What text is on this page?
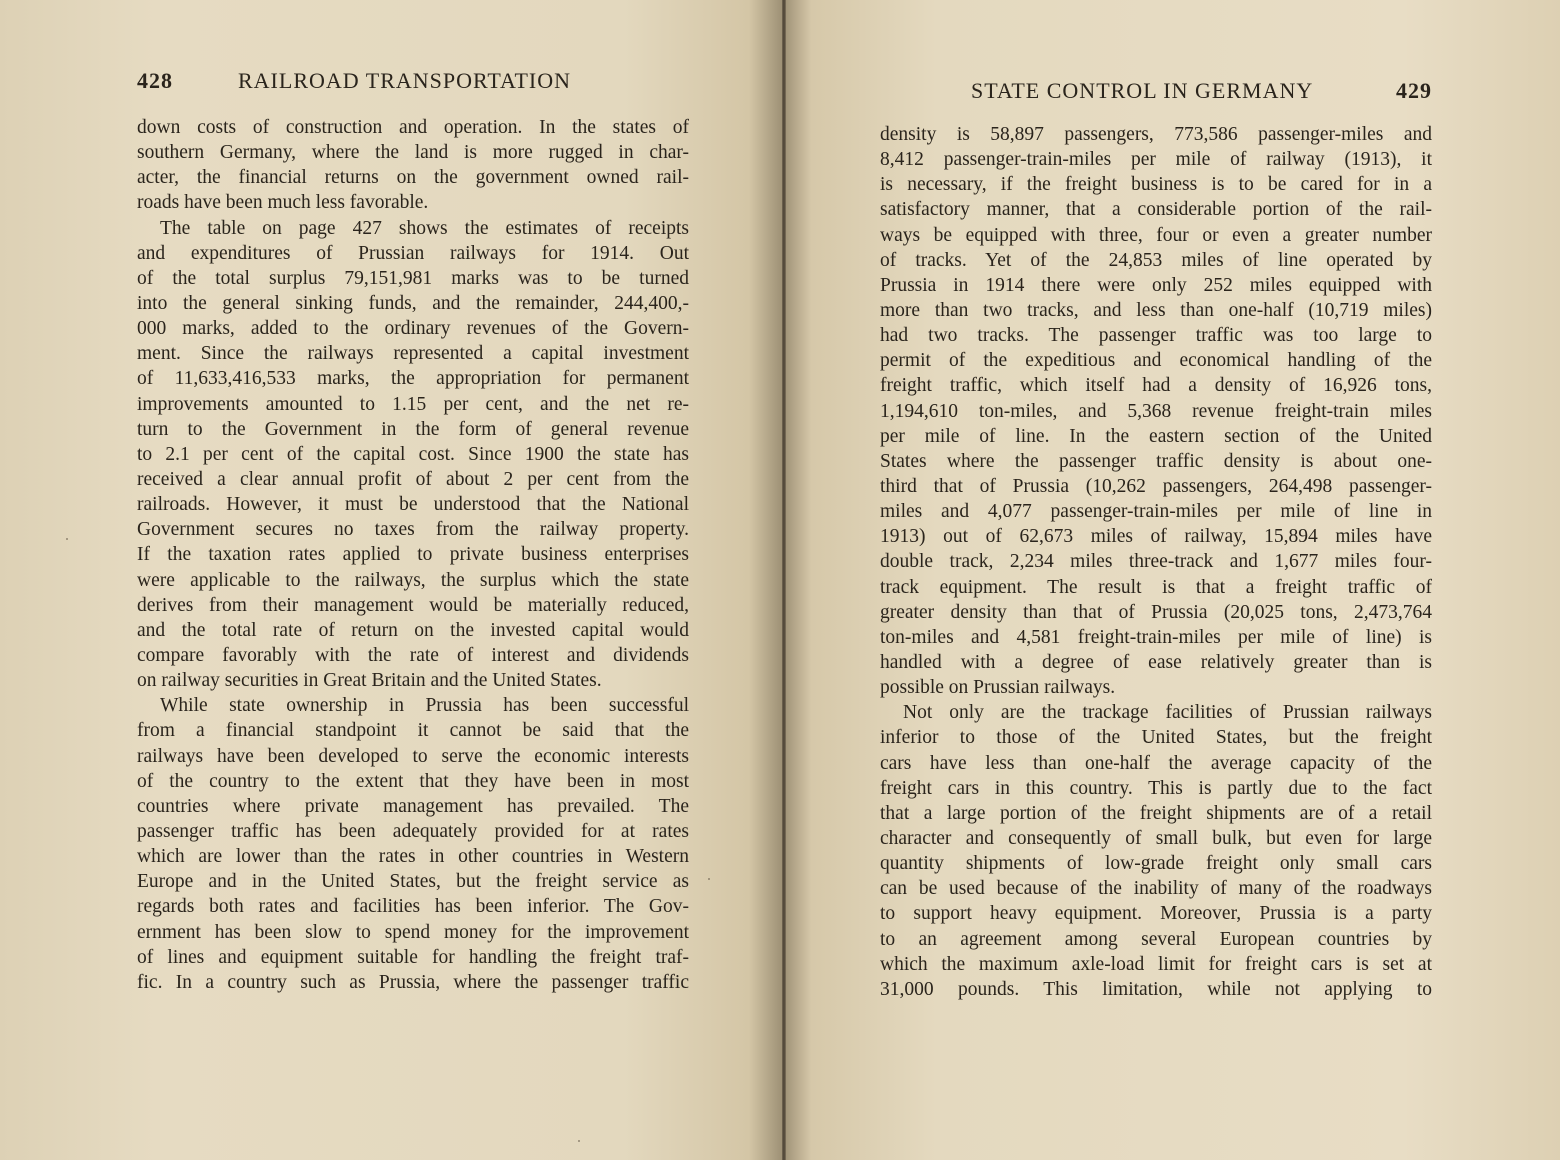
428	RAILROAD TRANSPORTATION
down costs of construction and operation. In the states of
southern Germany, where the land is more rugged in char-
acter, the financial returns on the government owned rail-
roads have been much less favorable.
The table on page 427 shows the estimates of receipts
and expenditures of Prussian railways for 1914. Out
of the total surplus 79,151,981 marks was to be turned
into the general sinking funds, and the remainder, 244,400,-
000 marks, added to the ordinary revenues of the Govern-
ment. Since the railways represented a capital investment
of 11,633,416,533 marks, the appropriation for permanent
improvements amounted to 1.15 per cent, and the net re-
turn to the Government in the form of general revenue
to 2.1 per cent of the capital cost. Since 1900 the state has
received a clear annual profit of about 2 per cent from the
railroads. However, it must be understood that the National
Government secures no taxes from the railway property.
If the taxation rates applied to private business enterprises
were applicable to the railways, the surplus which the state
derives from their management would be materially reduced,
and the total rate of return on the invested capital would
compare favorably with the rate of interest and dividends
on railway securities in Great Britain and the United States.
While state ownership in Prussia has been successful
from a financial standpoint it cannot be said that the
railways have been developed to serve the economic interests
of the country to the extent that they have been in most
countries where private management has prevailed. The
passenger traffic has been adequately provided for at rates
which are lower than the rates in other countries in Western
Europe and in the United States, but the freight service as
regards both rates and facilities has been inferior. The Gov-
ernment has been slow to spend money for the improvement
of lines and equipment suitable for handling the freight traf-
fic. In a country such as Prussia, where the passenger traffic
STATE CONTROL IN GERMANY	429
density is 58,897 passengers, 773,586 passenger-miles and
8,412 passenger-train-miles per mile of railway (1913), it
is necessary, if the freight business is to be cared for in a
satisfactory manner, that a considerable portion of the rail-
ways be equipped with three, four or even a greater number
of tracks. Yet of the 24,853 miles of line operated by
Prussia in 1914 there were only 252 miles equipped with
more than two tracks, and less than one-half (10,719 miles)
had two tracks. The passenger traffic was too large to
permit of the expeditious and economical handling of the
freight traffic, which itself had a density of 16,926 tons,
1,194,610 ton-miles, and 5,368 revenue freight-train miles
per mile of line. In the eastern section of the United
States where the passenger traffic density is about one-
third that of Prussia (10,262 passengers, 264,498 passenger-
miles and 4,077 passenger-train-miles per mile of line in
1913) out of 62,673 miles of railway, 15,894 miles have
double track, 2,234 miles three-track and 1,677 miles four-
track equipment. The result is that a freight traffic of
greater density than that of Prussia (20,025 tons, 2,473,764
ton-miles and 4,581 freight-train-miles per mile of line) is
handled with a degree of ease relatively greater than is
possible on Prussian railways.
Not only are the trackage facilities of Prussian railways
inferior to those of the United States, but the freight
cars have less than one-half the average capacity of the
freight cars in this country. This is partly due to the fact
that a large portion of the freight shipments are of a retail
character and consequently of small bulk, but even for large
quantity shipments of low-grade freight only small cars
can be used because of the inability of many of the roadways
to support heavy equipment. Moreover, Prussia is a party
to an agreement among several European countries by
which the maximum axle-load limit for freight cars is set at
31,000 pounds. This limitation, while not applying to
